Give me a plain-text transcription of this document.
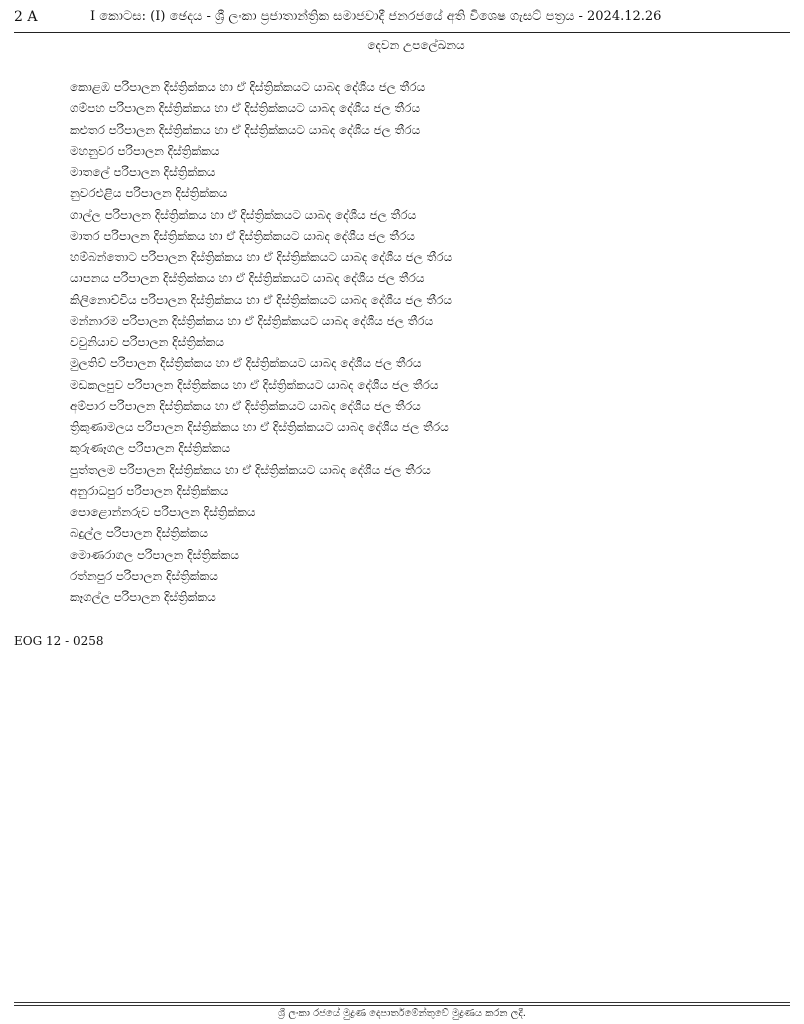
2 A	I කොටස: (I) ඡෙදය - ශ්‍රී ලංකා ප්‍රජාතාන්ත්‍රික සමාජවාදී ජනරජයේ අති විශෙෂ ගැසට් පත්‍රය - 2024.12.26
දෙවන උපලේඛනය
කොළඹ පරිපාලන දිස්ත්‍රික්කය හා ඒ දිස්ත්‍රික්කයට යාබද දේශීය ජල තීරය
ගම්පහ පරිපාලන දිස්ත්‍රික්කය හා ඒ දිස්ත්‍රික්කයට යාබද දේශීය ජල තීරය
කළුතර පරිපාලන දිස්ත්‍රික්කය හා ඒ දිස්ත්‍රික්කයට යාබද දේශීය ජල තීරය
මහනුවර පරිපාලන දිස්ත්‍රික්කය
මාතලේ පරිපාලන දිස්ත්‍රික්කය
නුවරඑළිය පරිපාලන දිස්ත්‍රික්කය
ගාල්ල පරිපාලන දිස්ත්‍රික්කය හා ඒ දිස්ත්‍රික්කයට යාබද දේශීය ජල තීරය
මාතර පරිපාලන දිස්ත්‍රික්කය හා ඒ දිස්ත්‍රික්කයට යාබද දේශීය ජල තීරය
හම්බන්තොට පරිපාලන දිස්ත්‍රික්කය හා ඒ දිස්ත්‍රික්කයට යාබද දේශීය ජල තීරය
යාපනය පරිපාලන දිස්ත්‍රික්කය හා ඒ දිස්ත්‍රික්කයට යාබද දේශීය ජල තීරය
කිලිනොච්චිය පරිපාලන දිස්ත්‍රික්කය හා ඒ දිස්ත්‍රික්කයට යාබද දේශීය ජල තීරය
මන්නාරම පරිපාලන දිස්ත්‍රික්කය හා ඒ දිස්ත්‍රික්කයට යාබද දේශීය ජල තීරය
වවුනියාව පරිපාලන දිස්ත්‍රික්කය
මුලතිව් පරිපාලන දිස්ත්‍රික්කය හා ඒ දිස්ත්‍රික්කයට යාබද දේශීය ජල තීරය
මඩකලපුව පරිපාලන දිස්ත්‍රික්කය හා ඒ දිස්ත්‍රික්කයට යාබද දේශීය ජල තීරය
අම්පාර පරිපාලන දිස්ත්‍රික්කය හා ඒ දිස්ත්‍රික්කයට යාබද දේශීය ජල තීරය
ත්‍රිකුණාමලය පරිපාලන දිස්ත්‍රික්කය හා ඒ දිස්ත්‍රික්කයට යාබද දේශීය ජල තීරය
කුරුණෑගල පරිපාලන දිස්ත්‍රික්කය
පුත්තලම පරිපාලන දිස්ත්‍රික්කය හා ඒ දිස්ත්‍රික්කයට යාබද දේශීය ජල තීරය
අනුරාධපුර පරිපාලන දිස්ත්‍රික්කය
පොළොන්නරුව පරිපාලන දිස්ත්‍රික්කය
බදුල්ල පරිපාලන දිස්ත්‍රික්කය
මොණරාගල පරිපාලන දිස්ත්‍රික්කය
රත්නපුර පරිපාලන දිස්ත්‍රික්කය
කෑගල්ල පරිපාලන දිස්ත්‍රික්කය
EOG 12 - 0258
ශ්‍රී ලංකා රජයේ මුද්‍රණ දෙපාර්තමේන්තුවේ මුද්‍රණය කරන ලදී.
